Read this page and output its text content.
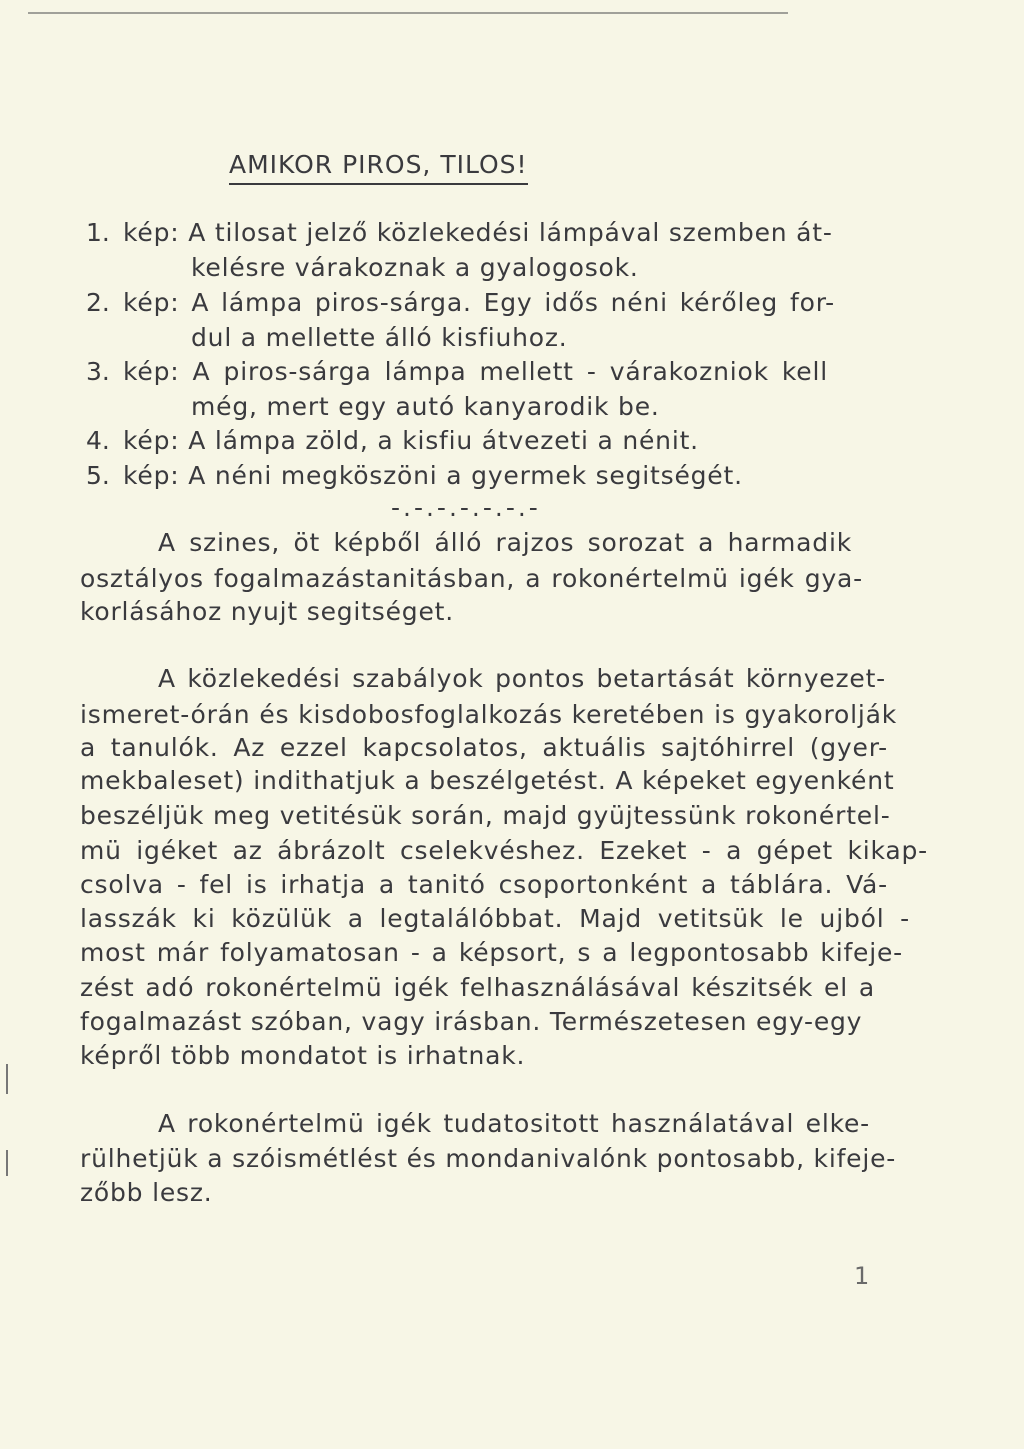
AMIKOR PIROS, TILOS!
1. kép: A tilosat jelző közlekedési lámpával szemben át-
kelésre várakoznak a gyalogosok.
2. kép: A lámpa piros-sárga. Egy idős néni kérőleg for-
dul a mellette álló kisfiuhoz.
3. kép: A piros-sárga lámpa mellett - várakozniok kell
még, mert egy autó kanyarodik be.
4. kép: A lámpa zöld, a kisfiu átvezeti a nénit.
5. kép: A néni megköszöni a gyermek segitségét.
-.-.-.-.-.-.-
A szines, öt képből álló rajzos sorozat a harmadik
osztályos fogalmazástanitásban, a rokonértelmü igék gya-
korlásához nyujt segitséget.
A közlekedési szabályok pontos betartását környezet-
ismeret-órán és kisdobosfoglalkozás keretében is gyakorolják
a tanulók. Az ezzel kapcsolatos, aktuális sajtóhirrel (gyer-
mekbaleset) indithatjuk a beszélgetést. A képeket egyenként
beszéljük meg vetitésük során, majd gyüjtessünk rokonértel-
mü igéket az ábrázolt cselekvéshez. Ezeket - a gépet kikap-
csolva - fel is irhatja a tanitó csoportonként a táblára. Vá-
lasszák ki közülük a legtalálóbbat. Majd vetitsük le ujból -
most már folyamatosan - a képsort, s a legpontosabb kifeje-
zést adó rokonértelmü igék felhasználásával készitsék el a
fogalmazást szóban, vagy irásban. Természetesen egy-egy
képről több mondatot is irhatnak.
A rokonértelmü igék tudatositott használatával elke-
rülhetjük a szóismétlést és mondanivalónk pontosabb, kifeje-
zőbb lesz.
1
